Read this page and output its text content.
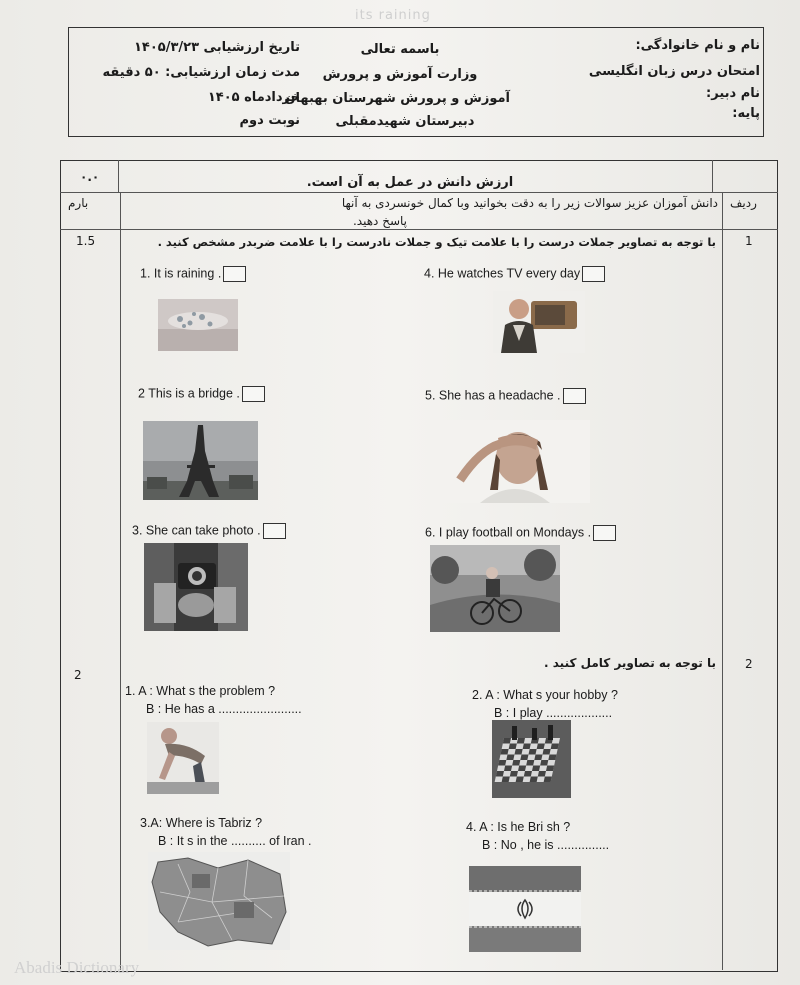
its raining
نام و نام خانوادگی:
امتحان درس زبان انگلیسی
نام دبیر:
پایه:
باسمه تعالی
وزارت آموزش و پرورش
آموزش و پرورش شهرستان بهبهان
دبیرستان شهیدمقبلی
تاریخ ارزشیابی ۱۴۰۵/۳/۲۳
مدت زمان ارزشیابی: ۵۰ دقیقه
خردادماه ۱۴۰۵
نوبت دوم
۰.۰	ارزش دانش در عمل به آن است.
ردیف
بارم	دانش آموزان عزیز سوالات زیر را به دقت بخوانید وبا کمال خونسردی به آنها
پاسخ دهید.
1
1.5	با توجه به تصاویر جملات درست را با علامت تیک و جملات نادرست را با علامت ضربدر مشخص کنید .
1. It is raining .
2 This is a bridge .
3. She can take photo .
4. He watches TV every day
5. She has a headache .
6. I play football on Mondays .
2
2
با توجه به تصاویر کامل کنید .
1. A : What s the problem ?
B : He has a ........................
2. A : What s your hobby ?
B : I play ...................
3.A: Where is Tabriz ?
B : It s in the .......... of Iran .
4. A : Is he Bri sh ?
B : No , he is ...............
Abadis Dictionary
